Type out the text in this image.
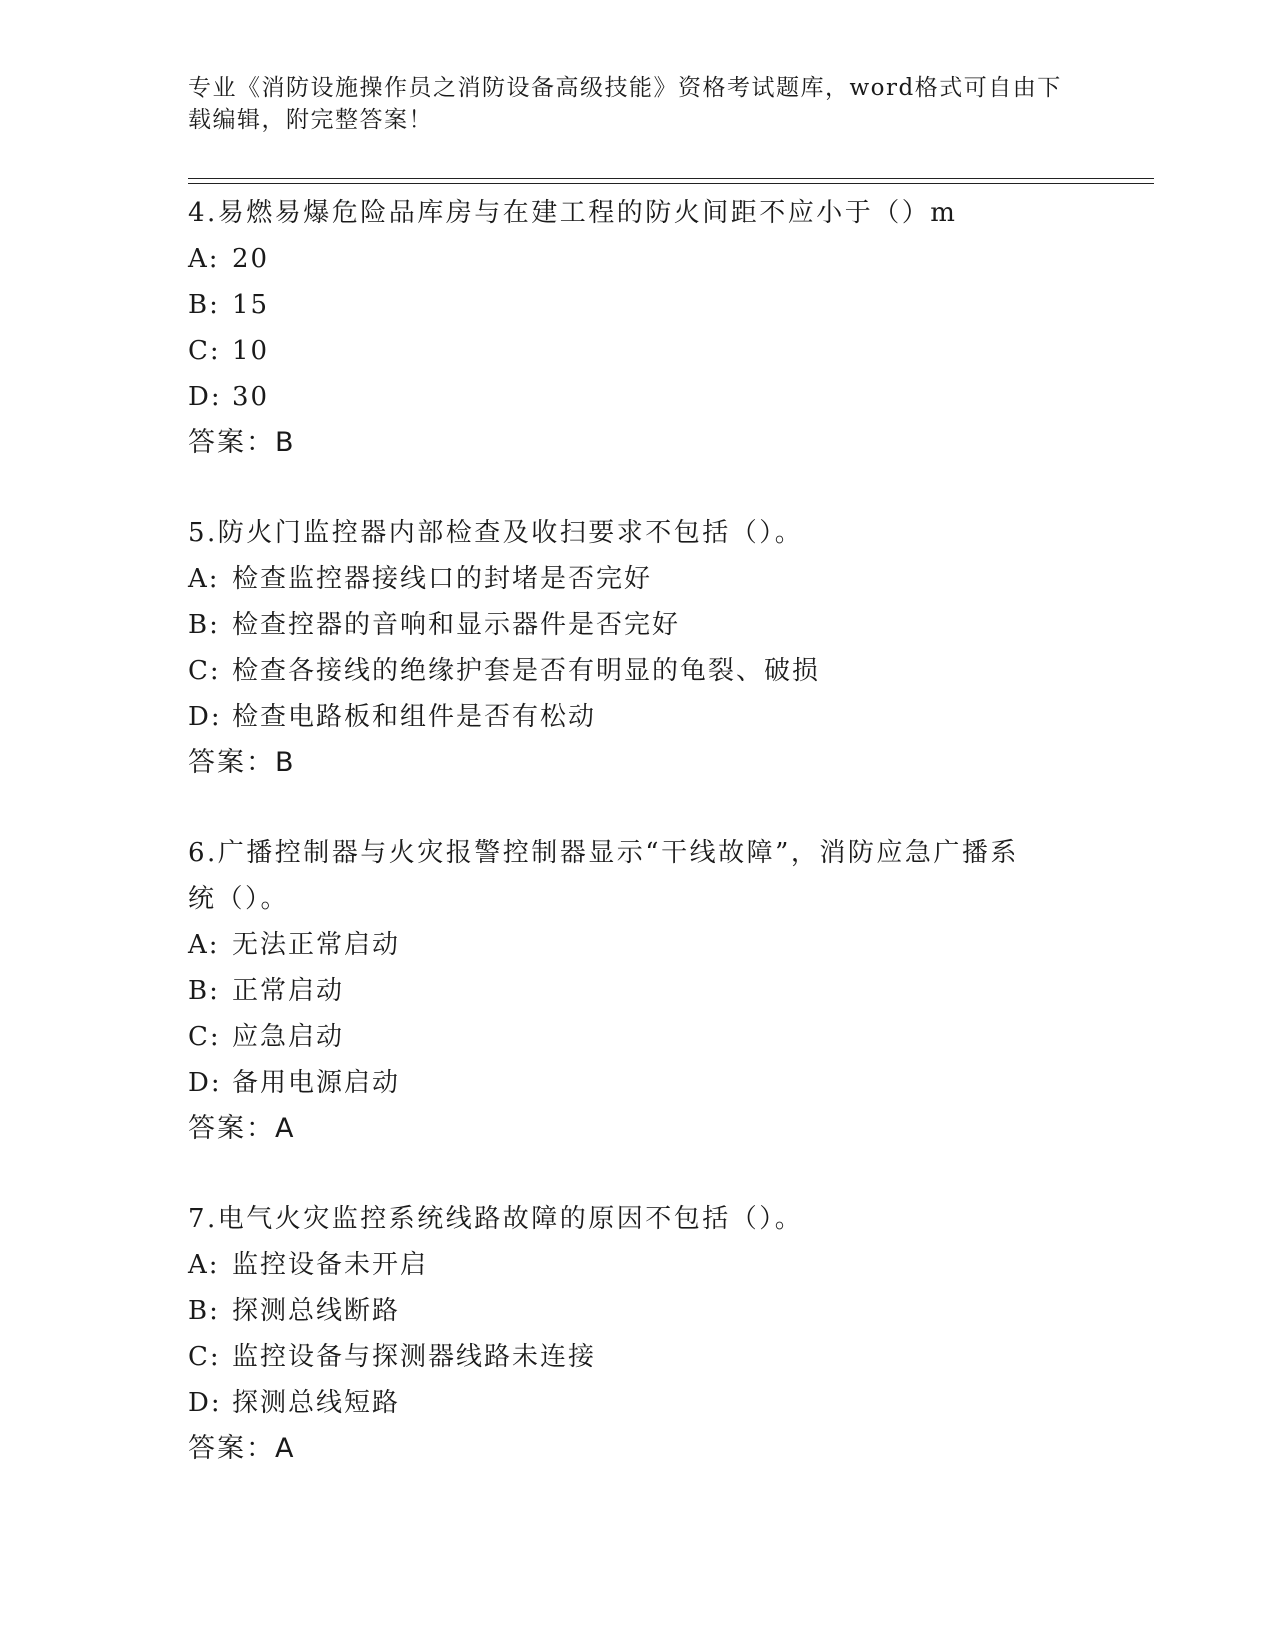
专业《消防设施操作员之消防设备高级技能》资格考试题库，word格式可自由下
载编辑，附完整答案！
4.易燃易爆危险品库房与在建工程的防火间距不应小于（）m
A: 20
B: 15
C: 10
D: 30
答案：B
5.防火门监控器内部检查及收扫要求不包括（）。
A: 检查监控器接线口的封堵是否完好
B: 检查控器的音响和显示器件是否完好
C: 检查各接线的绝缘护套是否有明显的龟裂、破损
D: 检查电路板和组件是否有松动
答案：B
6.广播控制器与火灾报警控制器显示“干线故障”，消防应急广播系
统（）。
A: 无法正常启动
B: 正常启动
C: 应急启动
D: 备用电源启动
答案：A
7.电气火灾监控系统线路故障的原因不包括（）。
A: 监控设备未开启
B: 探测总线断路
C: 监控设备与探测器线路未连接
D: 探测总线短路
答案：A
